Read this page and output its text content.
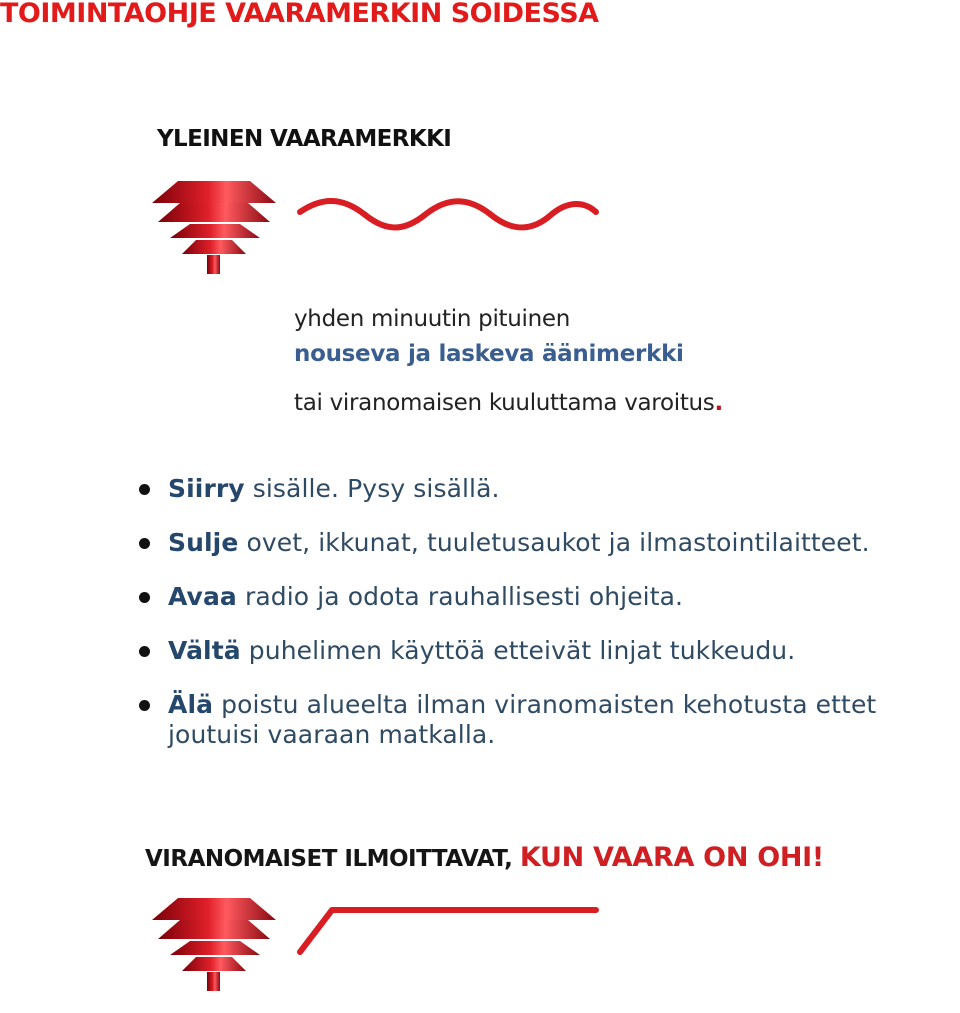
TOIMINTAOHJE VAARAMERKIN SOIDESSA
YLEINEN VAARAMERKKI
yhden minuutin pituinen
nouseva ja laskeva äänimerkki
tai viranomaisen kuuluttama varoitus.
Siirry sisälle. Pysy sisällä.
Sulje ovet, ikkunat, tuuletusaukot ja ilmastointilaitteet.
Avaa radio ja odota rauhallisesti ohjeita.
Vältä puhelimen käyttöä etteivät linjat tukkeudu.
Älä poistu alueelta ilman viranomaisten kehotusta ettet joutuisi vaaraan matkalla.
VIRANOMAISET ILMOITTAVAT, KUN VAARA ON OHI!
